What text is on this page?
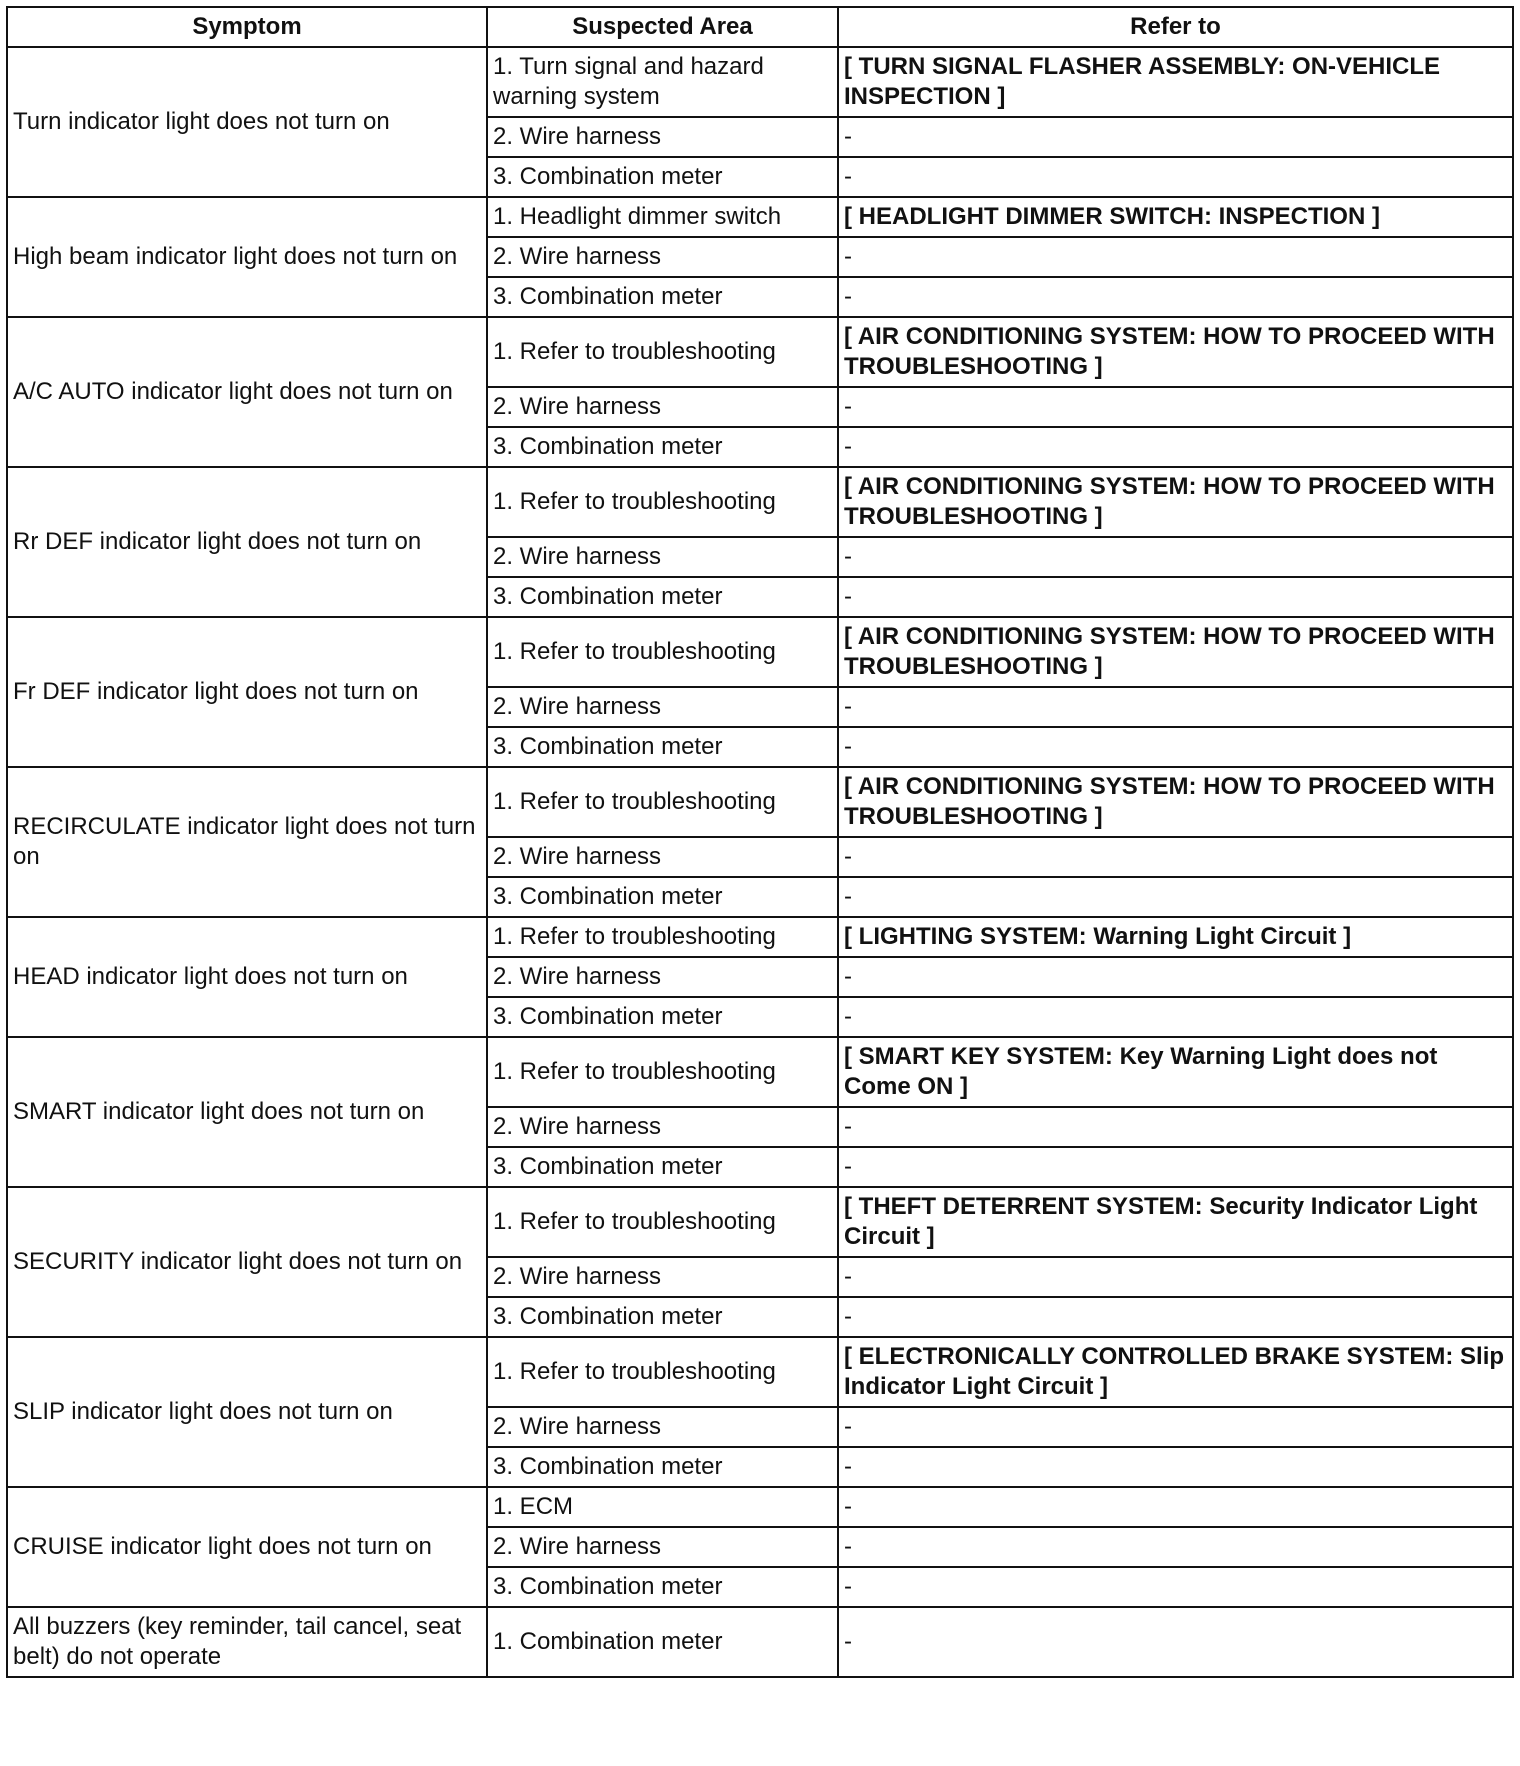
Symptom	Suspected Area	Refer to
Turn indicator light does not turn on	1. Turn signal and hazard warning system	[ TURN SIGNAL FLASHER ASSEMBLY: ON-VEHICLE INSPECTION ]
	2. Wire harness	-
	3. Combination meter	-
High beam indicator light does not turn on	1. Headlight dimmer switch	[ HEADLIGHT DIMMER SWITCH: INSPECTION ]
	2. Wire harness	-
	3. Combination meter	-
A/C AUTO indicator light does not turn on	1. Refer to troubleshooting	[ AIR CONDITIONING SYSTEM: HOW TO PROCEED WITH TROUBLESHOOTING ]
	2. Wire harness	-
	3. Combination meter	-
Rr DEF indicator light does not turn on	1. Refer to troubleshooting	[ AIR CONDITIONING SYSTEM: HOW TO PROCEED WITH TROUBLESHOOTING ]
	2. Wire harness	-
	3. Combination meter	-
Fr DEF indicator light does not turn on	1. Refer to troubleshooting	[ AIR CONDITIONING SYSTEM: HOW TO PROCEED WITH TROUBLESHOOTING ]
	2. Wire harness	-
	3. Combination meter	-
RECIRCULATE indicator light does not turn on	1. Refer to troubleshooting	[ AIR CONDITIONING SYSTEM: HOW TO PROCEED WITH TROUBLESHOOTING ]
	2. Wire harness	-
	3. Combination meter	-
HEAD indicator light does not turn on	1. Refer to troubleshooting	[ LIGHTING SYSTEM: Warning Light Circuit ]
	2. Wire harness	-
	3. Combination meter	-
SMART indicator light does not turn on	1. Refer to troubleshooting	[ SMART KEY SYSTEM: Key Warning Light does not Come ON ]
	2. Wire harness	-
	3. Combination meter	-
SECURITY indicator light does not turn on	1. Refer to troubleshooting	[ THEFT DETERRENT SYSTEM: Security Indicator Light Circuit ]
	2. Wire harness	-
	3. Combination meter	-
SLIP indicator light does not turn on	1. Refer to troubleshooting	[ ELECTRONICALLY CONTROLLED BRAKE SYSTEM: Slip Indicator Light Circuit ]
	2. Wire harness	-
	3. Combination meter	-
CRUISE indicator light does not turn on	1. ECM	-
	2. Wire harness	-
	3. Combination meter	-
All buzzers (key reminder, tail cancel, seat belt) do not operate	1. Combination meter	-
